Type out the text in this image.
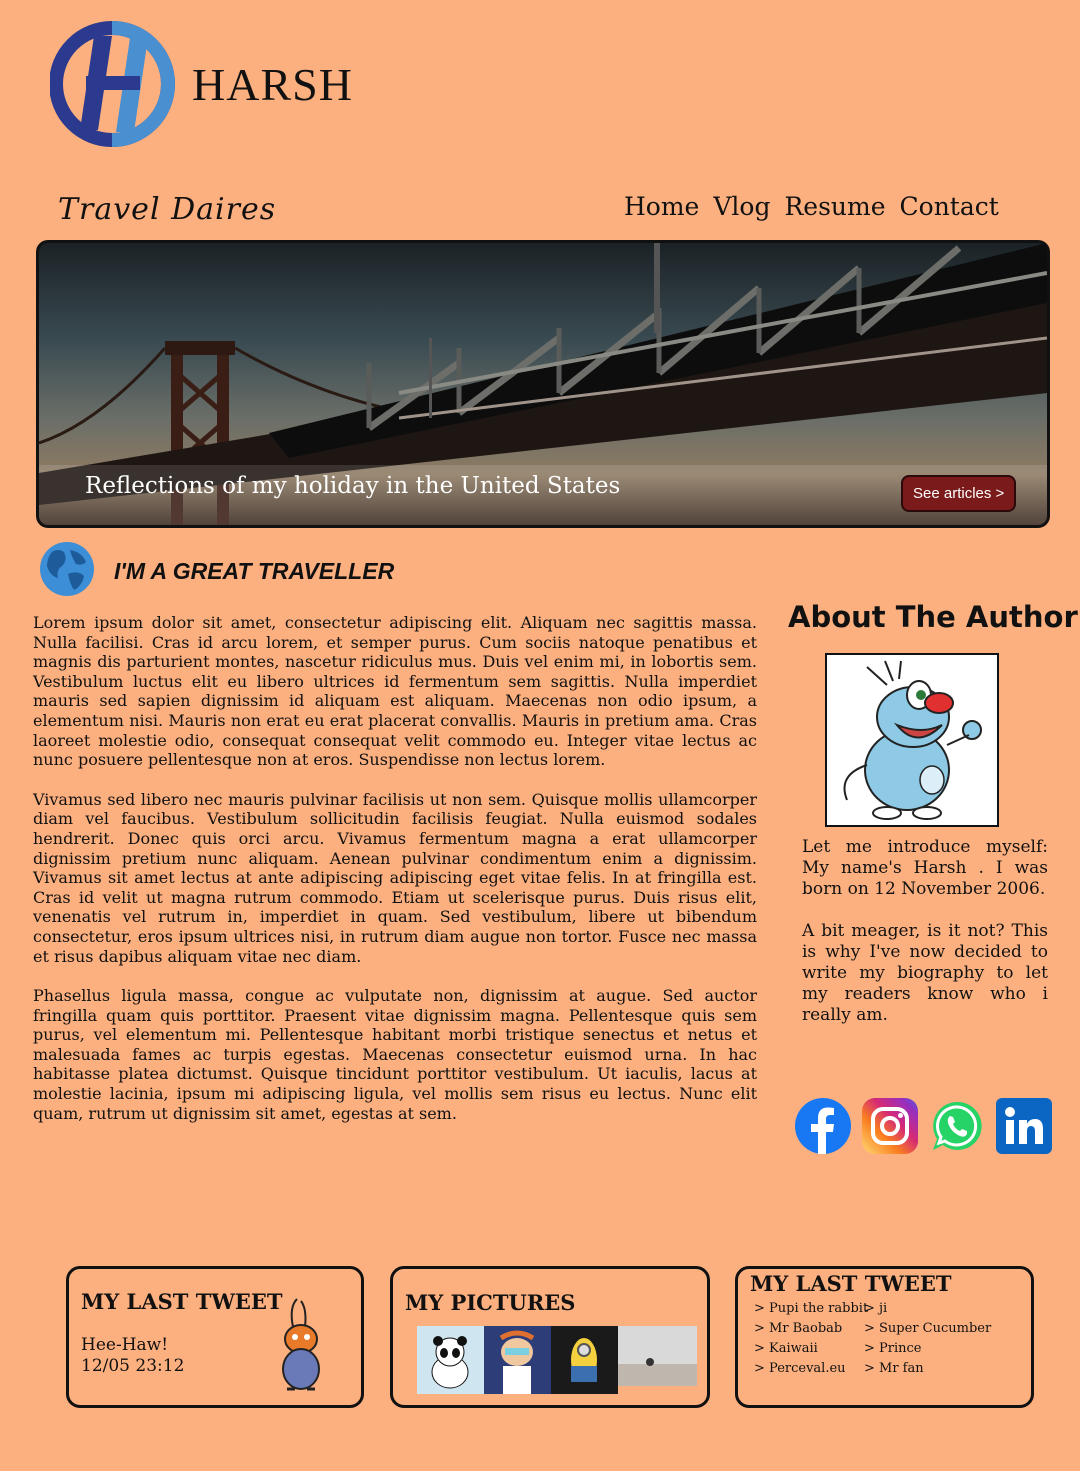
HARSH
Travel Daires	Home Vlog Resume Contact
Reflections of my holiday in the United States	See articles >
I'M A GREAT TRAVELLER

Lorem ipsum dolor sit amet, consectetur adipiscing elit. Aliquam nec sagittis massa. Nulla facilisi. Cras id arcu lorem, et semper purus. Cum sociis natoque penatibus et magnis dis parturient montes, nascetur ridiculus mus. Duis vel enim mi, in lobortis sem. Vestibulum luctus elit eu libero ultrices id fermentum sem sagittis. Nulla imperdiet mauris sed sapien dignissim id aliquam est aliquam. Maecenas non odio ipsum, a elementum nisi. Mauris non erat eu erat placerat convallis. Mauris in pretium ama. Cras laoreet molestie odio, consequat consequat velit commodo eu. Integer vitae lectus ac nunc posuere pellentesque non at eros. Suspendisse non lectus lorem.

Vivamus sed libero nec mauris pulvinar facilisis ut non sem. Quisque mollis ullamcorper diam vel faucibus. Vestibulum sollicitudin facilisis feugiat. Nulla euismod sodales hendrerit. Donec quis orci arcu. Vivamus fermentum magna a erat ullamcorper dignissim pretium nunc aliquam. Aenean pulvinar condimentum enim a dignissim. Vivamus sit amet lectus at ante adipiscing adipiscing eget vitae felis. In at fringilla est. Cras id velit ut magna rutrum commodo. Etiam ut scelerisque purus. Duis risus elit, venenatis vel rutrum in, imperdiet in quam. Sed vestibulum, libere ut bibendum consectetur, eros ipsum ultrices nisi, in rutrum diam augue non tortor. Fusce nec massa et risus dapibus aliquam vitae nec diam.

Phasellus ligula massa, congue ac vulputate non, dignissim at augue. Sed auctor fringilla quam quis porttitor. Praesent vitae dignissim magna. Pellentesque quis sem purus, vel elementum mi. Pellentesque habitant morbi tristique senectus et netus et malesuada fames ac turpis egestas. Maecenas consectetur euismod urna. In hac habitasse platea dictumst. Quisque tincidunt porttitor vestibulum. Ut iaculis, lacus at molestie lacinia, ipsum mi adipiscing ligula, vel mollis sem risus eu lectus. Nunc elit quam, rutrum ut dignissim sit amet, egestas at sem.

About The Author

Let me introduce myself: My name's Harsh . I was born on 12 November 2006.

A bit meager, is it not? This is why I've now decided to write my biography to let my readers know who i really am.

MY LAST TWEET
Hee-Haw!
12/05 23:12
MY PICTURES
MY LAST TWEET
> Pupi the rabbit
> Mr Baobab
> Kaiwaii
> Perceval.eu
> ji
> Super Cucumber
> Prince
> Mr fan
